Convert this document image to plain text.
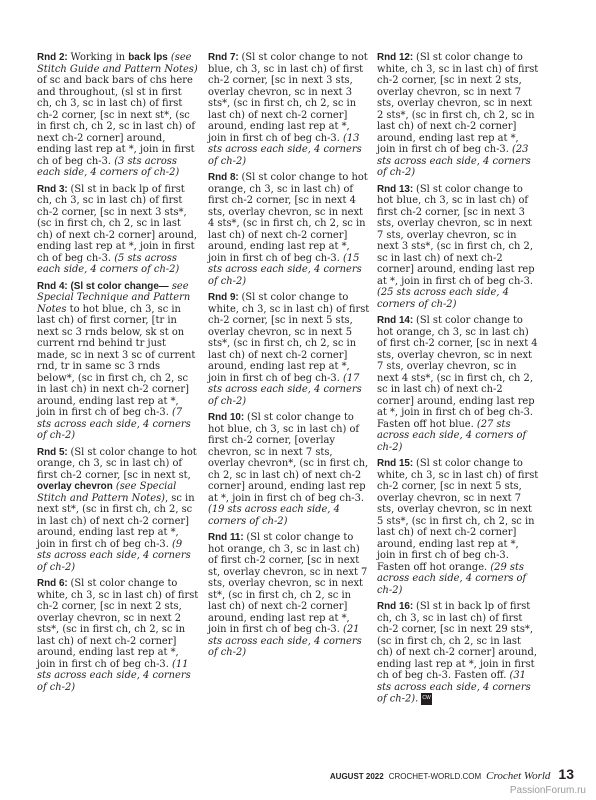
Rnd 2: Working in back lps (see Stitch Guide and Pattern Notes) of sc and back bars of chs here and throughout, (sl st in first ch, ch 3, sc in last ch) of first ch-2 corner, [sc in next st*, (sc in first ch, ch 2, sc in last ch) of next ch-2 corner] around, ending last rep at *, join in first ch of beg ch-3. (3 sts across each side, 4 corners of ch-2)

Rnd 3: (Sl st in back lp of first ch, ch 3, sc in last ch) of first ch-2 corner, [sc in next 3 sts*, (sc in first ch, ch 2, sc in last ch) of next ch-2 corner] around, ending last rep at *, join in first ch of beg ch-3. (5 sts across each side, 4 corners of ch-2)

Rnd 4: (Sl st color change— see Special Technique and Pattern Notes to hot blue, ch 3, sc in last ch) of first corner, [tr in next sc 3 rnds below, sk st on current rnd behind tr just made, sc in next 3 sc of current rnd, tr in same sc 3 rnds below*, (sc in first ch, ch 2, sc in last ch) in next ch-2 corner] around, ending last rep at *, join in first ch of beg ch-3. (7 sts across each side, 4 corners of ch-2)

Rnd 5: (Sl st color change to hot orange, ch 3, sc in last ch) of first ch-2 corner, [sc in next st, overlay chevron (see Special Stitch and Pattern Notes), sc in next st*, (sc in first ch, ch 2, sc in last ch) of next ch-2 corner] around, ending last rep at *, join in first ch of beg ch-3. (9 sts across each side, 4 corners of ch-2)

Rnd 6: (Sl st color change to white, ch 3, sc in last ch) of first ch-2 corner, [sc in next 2 sts, overlay chevron, sc in next 2 sts*, (sc in first ch, ch 2, sc in last ch) of next ch-2 corner] around, ending last rep at *, join in first ch of beg ch-3. (11 sts across each side, 4 corners of ch-2)

Rnd 7: (Sl st color change to not blue, ch 3, sc in last ch) of first ch-2 corner, [sc in next 3 sts, overlay chevron, sc in next 3 sts*, (sc in first ch, ch 2, sc in last ch) of next ch-2 corner] around, ending last rep at *, join in first ch of beg ch-3. (13 sts across each side, 4 corners of ch-2)

Rnd 8: (Sl st color change to hot orange, ch 3, sc in last ch) of first ch-2 corner, [sc in next 4 sts, overlay chevron, sc in next 4 sts*, (sc in first ch, ch 2, sc in last ch) of next ch-2 corner] around, ending last rep at *, join in first ch of beg ch-3. (15 sts across each side, 4 corners of ch-2)

Rnd 9: (Sl st color change to white, ch 3, sc in last ch) of first ch-2 corner, [sc in next 5 sts, overlay chevron, sc in next 5 sts*, (sc in first ch, ch 2, sc in last ch) of next ch-2 corner] around, ending last rep at *, join in first ch of beg ch-3. (17 sts across each side, 4 corners of ch-2)

Rnd 10: (Sl st color change to hot blue, ch 3, sc in last ch) of first ch-2 corner, [overlay chevron, sc in next 7 sts, overlay chevron*, (sc in first ch, ch 2, sc in last ch) of next ch-2 corner] around, ending last rep at *, join in first ch of beg ch-3. (19 sts across each side, 4 corners of ch-2)

Rnd 11: (Sl st color change to hot orange, ch 3, sc in last ch) of first ch-2 corner, [sc in next st, overlay chevron, sc in next 7 sts, overlay chevron, sc in next st*, (sc in first ch, ch 2, sc in last ch) of next ch-2 corner] around, ending last rep at *, join in first ch of beg ch-3. (21 sts across each side, 4 corners of ch-2)

Rnd 12: (Sl st color change to white, ch 3, sc in last ch) of first ch-2 corner, [sc in next 2 sts, overlay chevron, sc in next 7 sts, overlay chevron, sc in next 2 sts*, (sc in first ch, ch 2, sc in last ch) of next ch-2 corner] around, ending last rep at *, join in first ch of beg ch-3. (23 sts across each side, 4 corners of ch-2)

Rnd 13: (Sl st color change to hot blue, ch 3, sc in last ch) of first ch-2 corner, [sc in next 3 sts, overlay chevron, sc in next 7 sts, overlay chevron, sc in next 3 sts*, (sc in first ch, ch 2, sc in last ch) of next ch-2 corner] around, ending last rep at *, join in first ch of beg ch-3. (25 sts across each side, 4 corners of ch-2)

Rnd 14: (Sl st color change to hot orange, ch 3, sc in last ch) of first ch-2 corner, [sc in next 4 sts, overlay chevron, sc in next 7 sts, overlay chevron, sc in next 4 sts*, (sc in first ch, ch 2, sc in last ch) of next ch-2 corner] around, ending last rep at *, join in first ch of beg ch-3. Fasten off hot blue. (27 sts across each side, 4 corners of ch-2)

Rnd 15: (Sl st color change to white, ch 3, sc in last ch) of first ch-2 corner, [sc in next 5 sts, overlay chevron, sc in next 7 sts, overlay chevron, sc in next 5 sts*, (sc in first ch, ch 2, sc in last ch) of next ch-2 corner] around, ending last rep at *, join in first ch of beg ch-3. Fasten off hot orange. (29 sts across each side, 4 corners of ch-2)

Rnd 16: (Sl st in back lp of first ch, ch 3, sc in last ch) of first ch-2 corner, [sc in next 29 sts*, (sc in first ch, ch 2, sc in last ch) of next ch-2 corner] around, ending last rep at *, join in first ch of beg ch-3. Fasten off. (31 sts across each side, 4 corners of ch-2). CW

AUGUST 2022 CROCHET-WORLD.COM Crochet World 13
PassionForum.ru
